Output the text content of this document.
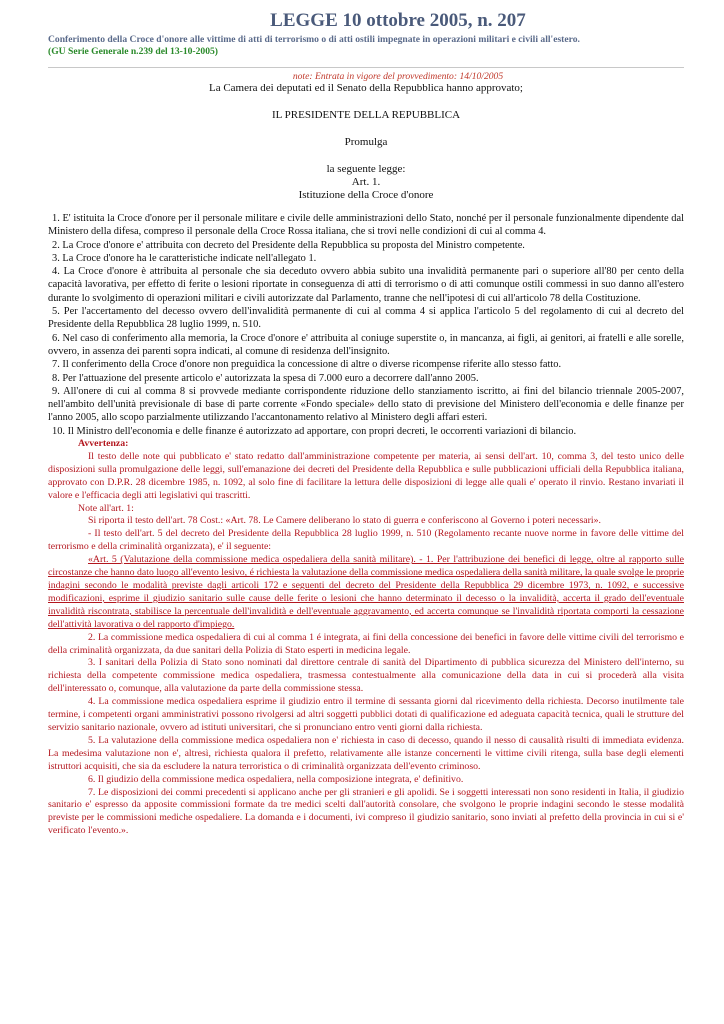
LEGGE 10 ottobre 2005, n. 207
Conferimento della Croce d'onore alle vittime di atti di terrorismo o di atti ostili impegnate in operazioni militari e civili all'estero.
(GU Serie Generale n.239 del 13-10-2005)
note: Entrata in vigore del provvedimento: 14/10/2005
La Camera dei deputati ed il Senato della Repubblica hanno approvato;
IL PRESIDENTE DELLA REPUBBLICA
Promulga
la seguente legge:
Art. 1.
Istituzione della Croce d'onore

1. E' istituita la Croce d'onore per il personale militare e civile delle amministrazioni dello Stato, nonché per il personale funzionalmente dipendente dal Ministero della difesa, compreso il personale della Croce Rossa italiana, che si trovi nelle condizioni di cui al comma 4.

2. La Croce d'onore e' attribuita con decreto del Presidente della Repubblica su proposta del Ministro competente.

3. La Croce d'onore ha le caratteristiche indicate nell'allegato 1.

4. La Croce d'onore è attribuita al personale che sia deceduto ovvero abbia subito una invalidità permanente pari o superiore all'80 per cento della capacità lavorativa, per effetto di ferite o lesioni riportate in conseguenza di atti di terrorismo o di atti comunque ostili commessi in suo danno all'estero durante lo svolgimento di operazioni militari e civili autorizzate dal Parlamento, tranne che nell'ipotesi di cui all'articolo 78 della Costituzione.

5. Per l'accertamento del decesso ovvero dell'invalidità permanente di cui al comma 4 si applica l'articolo 5 del regolamento di cui al decreto del Presidente della Repubblica 28 luglio 1999, n. 510.

6. Nel caso di conferimento alla memoria, la Croce d'onore e' attribuita al coniuge superstite o, in mancanza, ai figli, ai genitori, ai fratelli e alle sorelle, ovvero, in assenza dei parenti sopra indicati, al comune di residenza dell'insignito.

7. Il conferimento della Croce d'onore non preguidica la concessione di altre o diverse ricompense riferite allo stesso fatto.

8. Per l'attuazione del presente articolo e' autorizzata la spesa di 7.000 euro a decorrere dall'anno 2005.

9. All'onere di cui al comma 8 si provvede mediante corrispondente riduzione dello stanziamento iscritto, ai fini del bilancio triennale 2005-2007, nell'ambito dell'unità previsionale di base di parte corrente «Fondo speciale» dello stato di previsione del Ministero dell'economia e delle finanze per l'anno 2005, allo scopo parzialmente utilizzando l'accantonamento relativo al Ministero degli affari esteri.

10. Il Ministro dell'economia e delle finanze é autorizzato ad apportare, con propri decreti, le occorrenti variazioni di bilancio.

Avvertenza:

Il testo delle note qui pubblicato e' stato redatto dall'amministrazione competente per materia, ai sensi dell'art. 10, comma 3, del testo unico delle disposizioni sulla promulgazione delle leggi, sull'emanazione dei decreti del Presidente della Repubblica e sulle pubblicazioni ufficiali della Repubblica italiana, approvato con D.P.R. 28 dicembre 1985, n. 1092, al solo fine di facilitare la lettura delle disposizioni di legge alle quali e' operato il rinvio. Restano invariati il valore e l'efficacia degli atti legislativi qui trascritti.

Note all'art. 1:

Si riporta il testo dell'art. 78 Cost.: «Art. 78. Le Camere deliberano lo stato di guerra e conferiscono al Governo i poteri necessari».

- Il testo dell'art. 5 del decreto del Presidente della Repubblica 28 luglio 1999, n. 510 (Regolamento recante nuove norme in favore delle vittime del terrorismo e della criminalità organizzata), e' il seguente:

«Art. 5 (Valutazione della commissione medica ospedaliera della sanità militare). - 1. Per l'attribuzione dei benefici di legge, oltre al rapporto sulle circostanze che hanno dato luogo all'evento lesivo, é richiesta la valutazione della commissione medica ospedaliera della sanità militare, la quale svolge le proprie indagini secondo le modalità previste dagli articoli 172 e seguenti del decreto del Presidente della Repubblica 29 dicembre 1973, n. 1092, e successive modificazioni, esprime il giudizio sanitario sulle cause delle ferite o lesioni che hanno determinato il decesso o la invalidità, accerta il grado dell'eventuale invalidità riscontrata, stabilisce la percentuale dell'invalidità e dell'eventuale aggravamento, ed accerta comunque se l'invalidità riportata comporti la cessazione dell'attività lavorativa o del rapporto d'impiego.

2. La commissione medica ospedaliera di cui al comma 1 é integrata, ai fini della concessione dei benefici in favore delle vittime civili del terrorismo e della criminalità organizzata, da due sanitari della Polizia di Stato esperti in medicina legale.

3. I sanitari della Polizia di Stato sono nominati dal direttore centrale di sanità del Dipartimento di pubblica sicurezza del Ministero dell'interno, su richiesta della competente commissione medica ospedaliera, trasmessa contestualmente alla comunicazione della data in cui si procederà alla visita dell'interessato o, comunque, alla valutazione da parte della commissione stessa.

4. La commissione medica ospedaliera esprime il giudizio entro il termine di sessanta giorni dal ricevimento della richiesta. Decorso inutilmente tale termine, i competenti organi amministrativi possono rivolgersi ad altri soggetti pubblici dotati di qualificazione ed adeguata capacità tecnica, quali le strutture del servizio sanitario nazionale, ovvero ad istituti universitari, che si pronunciano entro venti giorni dalla richiesta.

5. La valutazione della commissione medica ospedaliera non e' richiesta in caso di decesso, quando il nesso di causalità risulti di immediata evidenza. La medesima valutazione non e', altresì, richiesta qualora il prefetto, relativamente alle istanze concernenti le vittime civili ritenga, sulla base degli elementi istruttori acquisiti, che sia da escludere la natura terroristica o di criminalità organizzata dell'evento criminoso.

6. Il giudizio della commissione medica ospedaliera, nella composizione integrata, e' definitivo.

7. Le disposizioni dei commi precedenti si applicano anche per gli stranieri e gli apolidi. Se i soggetti interessati non sono residenti in Italia, il giudizio sanitario e' espresso da apposite commissioni formate da tre medici scelti dall'autorità consolare, che svolgono le proprie indagini secondo le stesse modalità previste per le commissioni mediche ospedaliere. La domanda e i documenti, ivi compreso il giudizio sanitario, sono inviati al prefetto della provincia in cui si e' verificato l'evento.».
